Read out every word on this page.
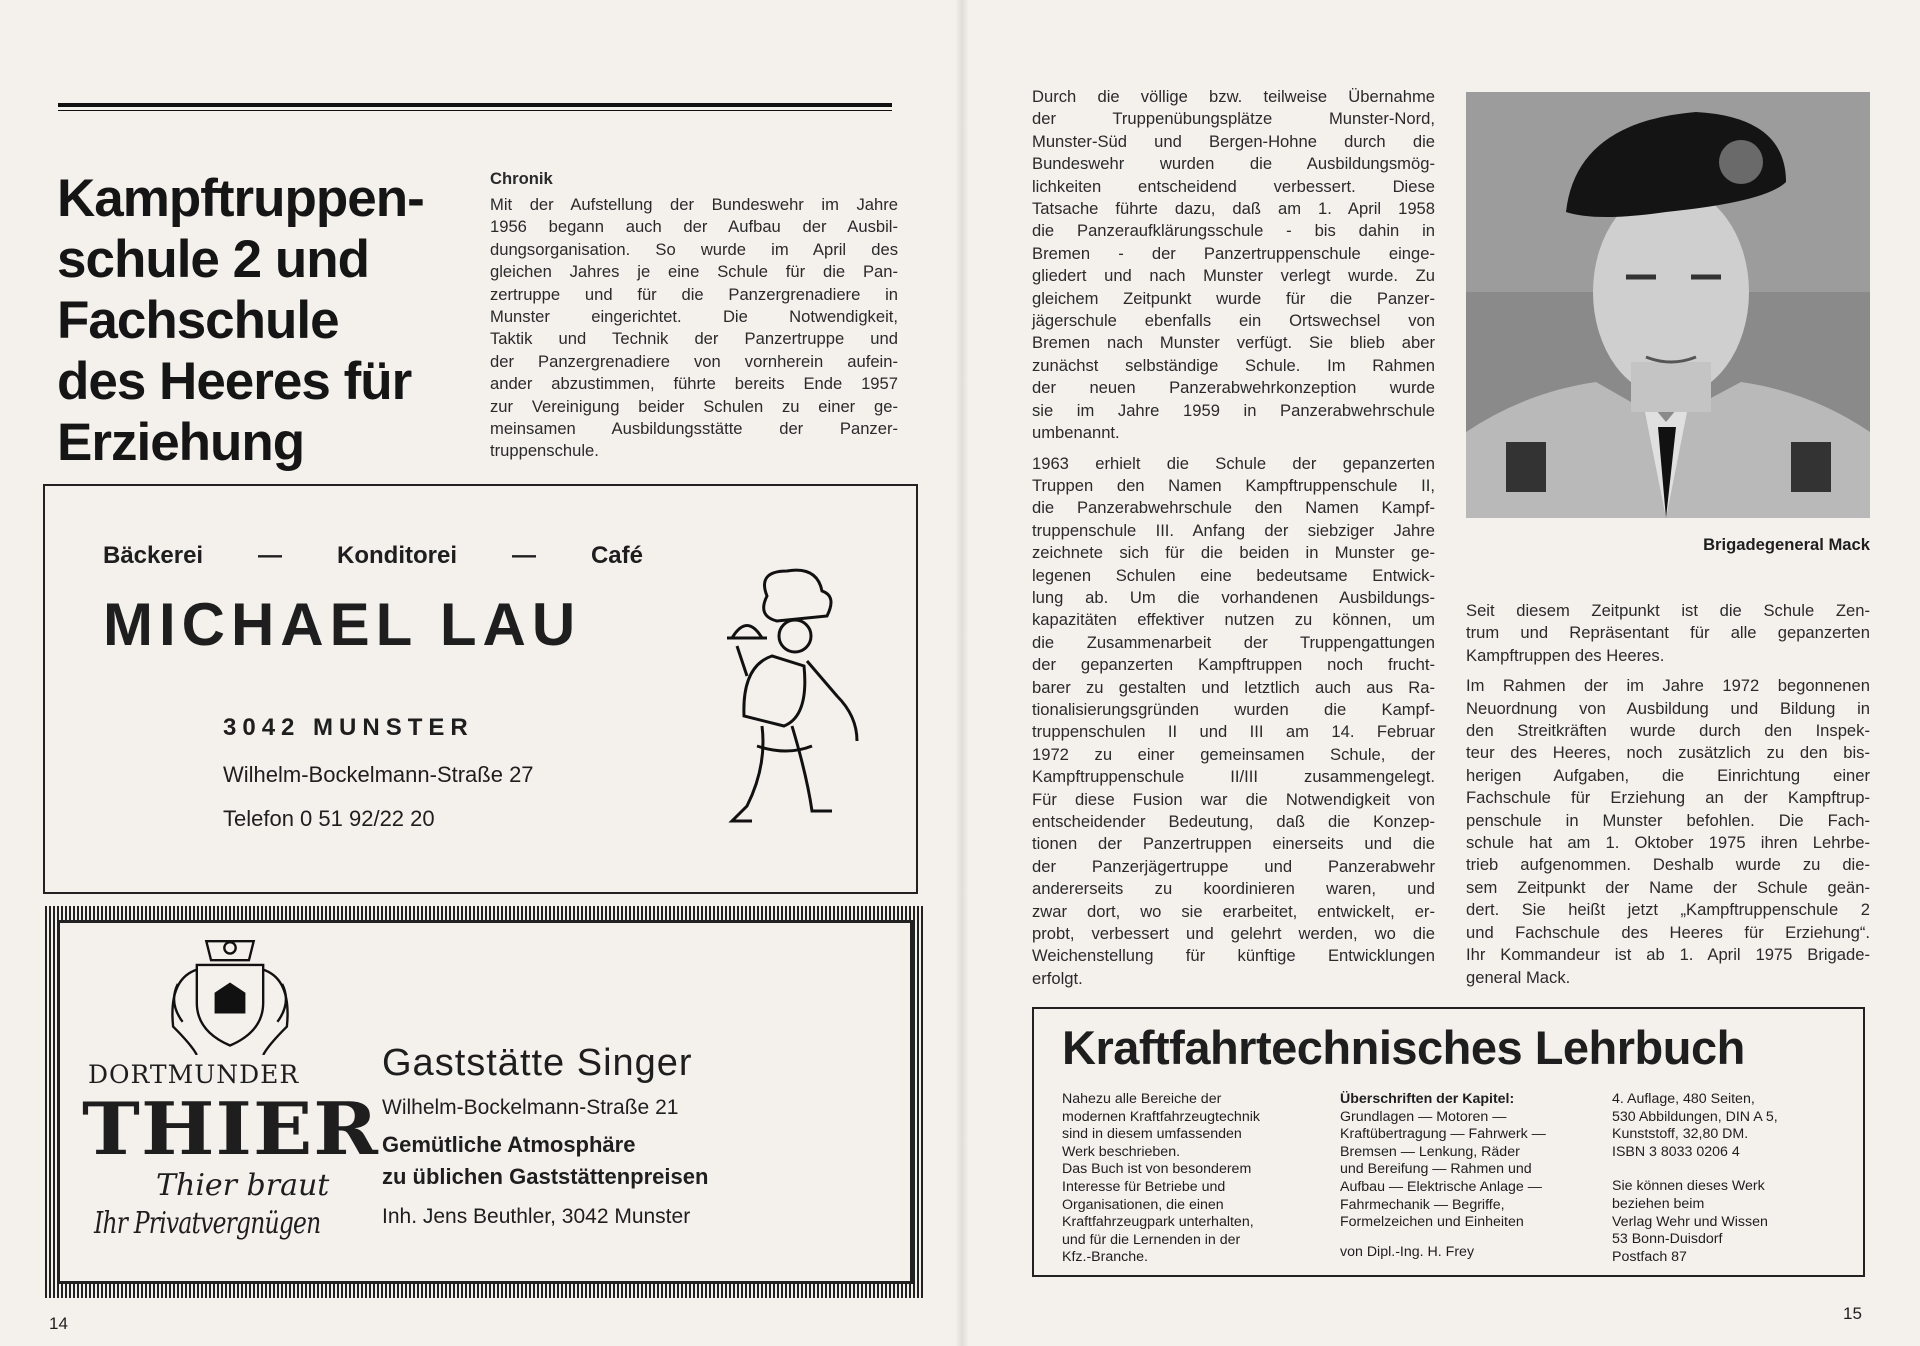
Kampftruppen-
schule 2 und
Fachschule
des Heeres für
Erziehung
Chronik
Mit der Aufstellung der Bundeswehr im Jahre
1956 begann auch der Aufbau der Ausbil-
dungsorganisation. So wurde im April des
gleichen Jahres je eine Schule für die Pan-
zertruppe und für die Panzergrenadiere in
Munster eingerichtet. Die Notwendigkeit,
Taktik und Technik der Panzertruppe und
der Panzergrenadiere von vornherein aufein-
ander abzustimmen, führte bereits Ende 1957
zur Vereinigung beider Schulen zu einer ge-
meinsamen Ausbildungsstätte der Panzer-
truppenschule.
Bäckerei — Konditorei — Café
MICHAEL LAU
3042 MUNSTER
Wilhelm-Bockelmann-Straße 27
Telefon 0 51 92/22 20
DORTMUNDER
THIER
Thier braut
Ihr Privatvergnügen
Gaststätte Singer
Wilhelm-Bockelmann-Straße 21
Gemütliche Atmosphäre
zu üblichen Gaststättenpreisen
Inh. Jens Beuthler, 3042 Munster
14
Durch die völlige bzw. teilweise Übernahme
der Truppenübungsplätze Munster-Nord,
Munster-Süd und Bergen-Hohne durch die
Bundeswehr wurden die Ausbildungsmög-
lichkeiten entscheidend verbessert. Diese
Tatsache führte dazu, daß am 1. April 1958
die Panzeraufklärungsschule - bis dahin in
Bremen - der Panzertruppenschule einge-
gliedert und nach Munster verlegt wurde. Zu
gleichem Zeitpunkt wurde für die Panzer-
jägerschule ebenfalls ein Ortswechsel von
Bremen nach Munster verfügt. Sie blieb aber
zunächst selbständige Schule. Im Rahmen
der neuen Panzerabwehrkonzeption wurde
sie im Jahre 1959 in Panzerabwehrschule
umbenannt.
1963 erhielt die Schule der gepanzerten
Truppen den Namen Kampftruppenschule II,
die Panzerabwehrschule den Namen Kampf-
truppenschule III. Anfang der siebziger Jahre
zeichnete sich für die beiden in Munster ge-
legenen Schulen eine bedeutsame Entwick-
lung ab. Um die vorhandenen Ausbildungs-
kapazitäten effektiver nutzen zu können, um
die Zusammenarbeit der Truppengattungen
der gepanzerten Kampftruppen noch frucht-
barer zu gestalten und letztlich auch aus Ra-
tionalisierungsgründen wurden die Kampf-
truppenschulen II und III am 14. Februar
1972 zu einer gemeinsamen Schule, der
Kampftruppenschule II/III zusammengelegt.
Für diese Fusion war die Notwendigkeit von
entscheidender Bedeutung, daß die Konzep-
tionen der Panzertruppen einerseits und die
der Panzerjägertruppe und Panzerabwehr
andererseits zu koordinieren waren, und
zwar dort, wo sie erarbeitet, entwickelt, er-
probt, verbessert und gelehrt werden, wo die
Weichenstellung für künftige Entwicklungen
erfolgt.
Brigadegeneral Mack
Seit diesem Zeitpunkt ist die Schule Zen-
trum und Repräsentant für alle gepanzerten
Kampftruppen des Heeres.
Im Rahmen der im Jahre 1972 begonnenen
Neuordnung von Ausbildung und Bildung in
den Streitkräften wurde durch den Inspek-
teur des Heeres, noch zusätzlich zu den bis-
herigen Aufgaben, die Einrichtung einer
Fachschule für Erziehung an der Kampftrup-
penschule in Munster befohlen. Die Fach-
schule hat am 1. Oktober 1975 ihren Lehrbe-
trieb aufgenommen. Deshalb wurde zu die-
sem Zeitpunkt der Name der Schule geän-
dert. Sie heißt jetzt „Kampftruppenschule 2
und Fachschule des Heeres für Erziehung“.
Ihr Kommandeur ist ab 1. April 1975 Brigade-
general Mack.
Kraftfahrtechnisches Lehrbuch
Nahezu alle Bereiche der
modernen Kraftfahrzeugtechnik
sind in diesem umfassenden
Werk beschrieben.
Das Buch ist von besonderem
Interesse für Betriebe und
Organisationen, die einen
Kraftfahrzeugpark unterhalten,
und für die Lernenden in der
Kfz.-Branche.
Überschriften der Kapitel:
Grundlagen — Motoren —
Kraftübertragung — Fahrwerk —
Bremsen — Lenkung, Räder
und Bereifung — Rahmen und
Aufbau — Elektrische Anlage —
Fahrmechanik — Begriffe,
Formelzeichen und Einheiten
von Dipl.-Ing. H. Frey
4. Auflage, 480 Seiten,
530 Abbildungen, DIN A 5,
Kunststoff, 32,80 DM.
ISBN 3 8033 0206 4
Sie können dieses Werk
beziehen beim
Verlag Wehr und Wissen
53 Bonn-Duisdorf
Postfach 87
15
